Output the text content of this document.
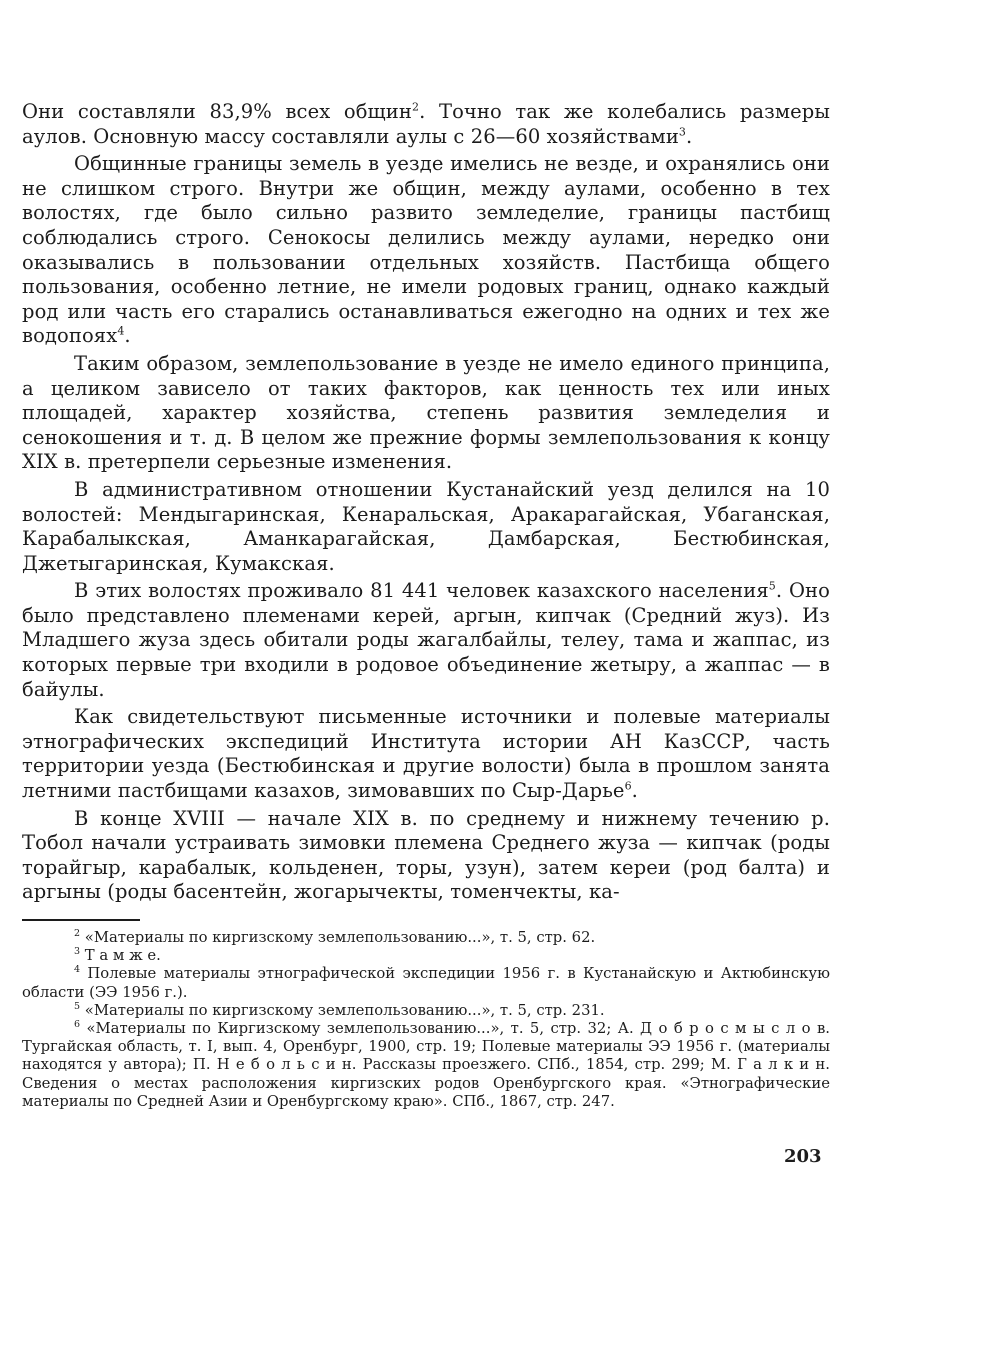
Они составляли 83,9% всех общин$^2$. Точно так же колебались размеры аулов. Основную массу составляли аулы с 26—60 хозяйствами$^3$.

Общинные границы земель в уезде имелись не везде, и охранялись они не слишком строго. Внутри же общин, между аулами, особенно в тех волостях, где было сильно развито земледелие, границы пастбищ соблюдались строго. Сенокосы делились между аулами, нередко они оказывались в пользовании отдельных хозяйств. Пастбища общего пользования, особенно летние, не имели родовых границ, однако каждый род или часть его старались останавливаться ежегодно на одних и тех же водопоях$^4$.

Таким образом, землепользование в уезде не имело единого принципа, а целиком зависело от таких факторов, как ценность тех или иных площадей, характер хозяйства, степень развития земледелия и сенокошения и т. д. В целом же прежние формы землепользования к концу XIX в. претерпели серьезные изменения.

В административном отношении Кустанайский уезд делился на 10 волостей: Мендыгаринская, Кенаральская, Аракарагайская, Убаганская, Карабалыкская, Аманкарагайская, Дамбарская, Бестюбинская, Джетыгаринская, Кумакская.

В этих волостях проживало 81 441 человек казахского населения$^5$. Оно было представлено племенами керей, аргын, кипчак (Средний жуз). Из Младшего жуза здесь обитали роды жагалбайлы, телеу, тама и жаппас, из которых первые три входили в родовое объединение жетыру, а жаппас — в байулы.

Как свидетельствуют письменные источники и полевые материалы этнографических экспедиций Института истории АН КазССР, часть территории уезда (Бестюбинская и другие волости) была в прошлом занята летними пастбищами казахов, зимовавших по Сыр-Дарье$^6$.

В конце XVIII — начале XIX в. по среднему и нижнему течению р. Тобол начали устраивать зимовки племена Среднего жуза — кипчак (роды торайгыр, карабалык, кольденен, торы, узун), затем кереи (род балта) и аргыны (роды басентейн, жогарычекты, томенчекты, ка-

$^2$ «Материалы по киргизскому землепользованию...», т. 5, стр. 62.

$^3$ Т а м ж е.

$^4$ Полевые материалы этнографической экспедиции 1956 г. в Кустанайскую и Актюбинскую области (ЭЭ 1956 г.).

$^5$ «Материалы по киргизскому землепользованию...», т. 5, стр. 231.

$^6$ «Материалы по Киргизскому землепользованию...», т. 5, стр. 32; А. Д о б р о с м ы с л о в. Тургайская область, т. I, вып. 4, Оренбург, 1900, стр. 19; Полевые материалы ЭЭ 1956 г. (материалы находятся у автора); П. Н е б о л ь с и н. Рассказы проезжего. СПб., 1854, стр. 299; М. Г а л к и н. Сведения о местах расположения киргизских родов Оренбургского края. «Этнографические материалы по Средней Азии и Оренбургскому краю». СПб., 1867, стр. 247.

203
